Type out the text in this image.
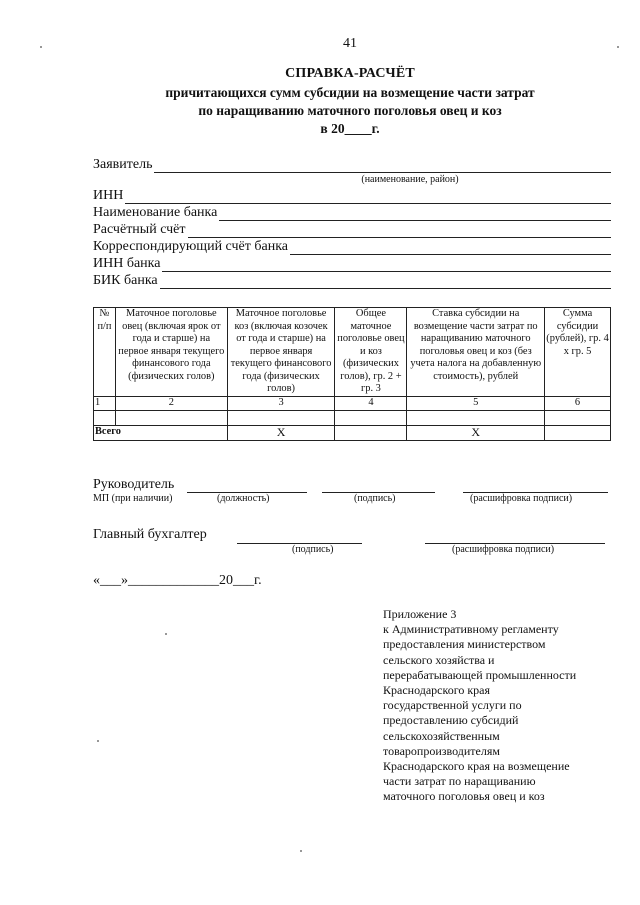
41
СПРАВКА-РАСЧЁТ
причитающихся сумм субсидии на возмещение части затрат
по наращиванию маточного поголовья овец и коз
в 20____г.
Заявитель
(наименование, район)
ИНН
Наименование банка
Расчётный счёт
Корреспондирующий счёт банка
ИНН банка
БИК банка
№ п/п	Маточное поголовье овец (включая ярок от года и старше) на первое января текущего финансового года (физических голов)	Маточное поголовье коз (включая козочек от года и старше) на первое января текущего финансового года (физических голов)	Общее маточное поголовье овец и коз (физических голов), гр. 2 + гр. 3	Ставка субсидии на возмещение части затрат по наращиванию маточного поголовья овец и коз (без учета налога на добавленную стоимость), рублей	Сумма субсидии (рублей), гр. 4 х гр. 5
1	2	3	4	5	6

Всего		X		X	
Руководитель
МП (при наличии)	(должность)	(подпись)	(расшифровка подписи)
Главный бухгалтер
(подпись)	(расшифровка подписи)
«___»_____________20___г.
Приложение 3
к Административному регламенту
предоставления министерством
сельского хозяйства и
перерабатывающей промышленности
Краснодарского края
государственной услуги по
предоставлению субсидий
сельскохозяйственным
товаропроизводителям
Краснодарского края на возмещение
части затрат по наращиванию
маточного поголовья овец и коз
